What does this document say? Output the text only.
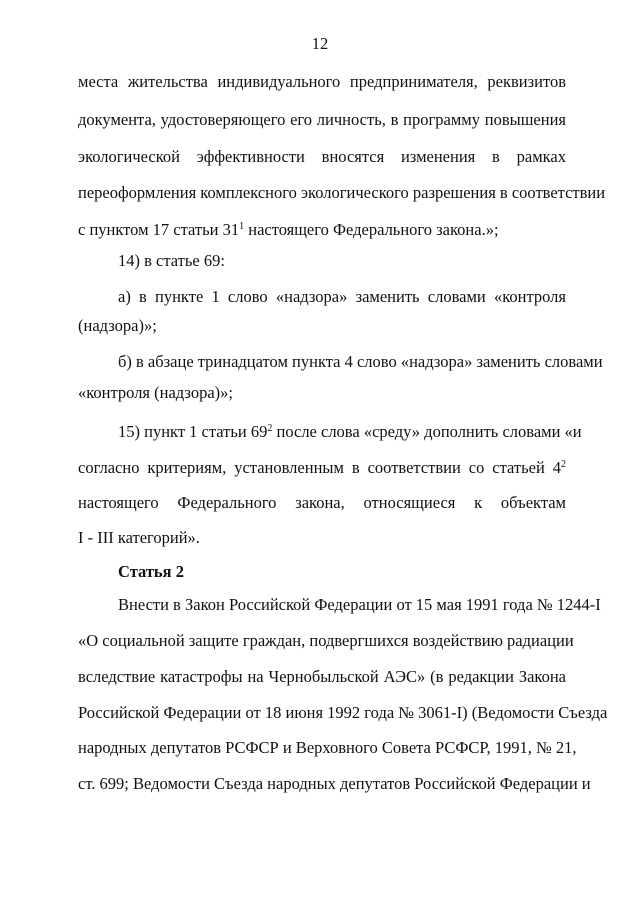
12
места жительства индивидуального предпринимателя, реквизитов
документа, удостоверяющего его личность, в программу повышения
экологической эффективности вносятся изменения в рамках
переоформления комплексного экологического разрешения в соответствии
с пунктом 17 статьи $31^1$ настоящего Федерального закона.»;
14) в статье 69:
а) в пункте 1 слово «надзора» заменить словами «контроля
(надзора)»;
б) в абзаце тринадцатом пункта 4 слово «надзора» заменить словами
«контроля (надзора)»;
15) пункт 1 статьи $69^2$ после слова «среду» дополнить словами «и
согласно критериям, установленным в соответствии со статьей $4^2$
настоящего Федерального закона, относящиеся к объектам
I - III категорий».
Статья 2
Внести в Закон Российской Федерации от 15 мая 1991 года № 1244-I
«О социальной защите граждан, подвергшихся воздействию радиации
вследствие катастрофы на Чернобыльской АЭС» (в редакции Закона
Российской Федерации от 18 июня 1992 года № 3061-I) (Ведомости Съезда
народных депутатов РСФСР и Верховного Совета РСФСР, 1991, № 21,
ст. 699; Ведомости Съезда народных депутатов Российской Федерации и
